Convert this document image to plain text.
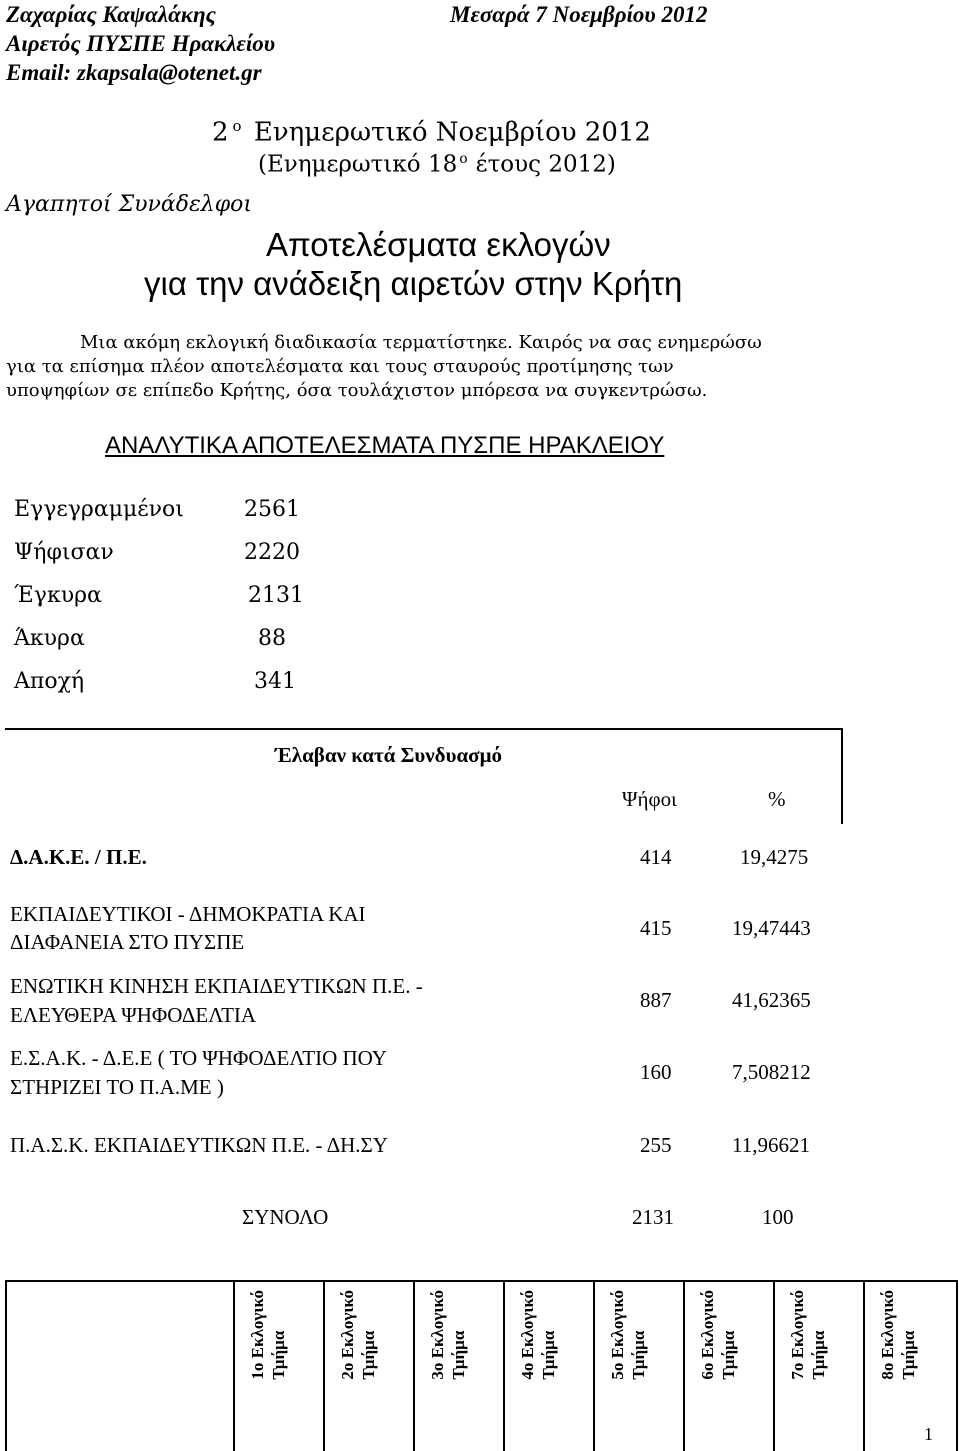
Ζαχαρίας Καψαλάκης	Μεσαρά 7 Νοεμβρίου 2012
Αιρετός ΠΥΣΠΕ Ηρακλείου
Email: zkapsala@otenet.gr
2 $^o$ Ενημερωτικό Νοεμβρίου 2012
(Ενημερωτικό 18 $^o$ έτους 2012)
Αγαπητοί Συνάδελφοι
Αποτελέσματα εκλογών
για την ανάδειξη αιρετών στην Κρήτη
Μια ακόμη εκλογική διαδικασία τερματίστηκε. Καιρός να σας ενημερώσω
για τα επίσημα πλέον αποτελέσματα και τους σταυρούς προτίμησης των
υποψηφίων σε επίπεδο Κρήτης, όσα τουλάχιστον μπόρεσα να συγκεντρώσω.
ΑΝΑΛΥΤΙΚΑ ΑΠΟΤΕΛΕΣΜΑΤΑ ΠΥΣΠΕ ΗΡΑΚΛΕΙΟΥ
Εγγεγραμμένοι	2561
Ψήφισαν	2220
Έγκυρα	2131
Άκυρα	88
Αποχή	341
Έλαβαν κατά Συνδυασμό
Ψήφοι	%
Δ.Α.Κ.Ε. / Π.Ε.	414	19,4275
ΕΚΠΑΙΔΕΥΤΙΚΟΙ - ΔΗΜΟΚΡΑΤΙΑ ΚΑΙ
ΔΙΑΦΑΝΕΙΑ ΣΤΟ ΠΥΣΠΕ
415	19,47443
ΕΝΩΤΙΚΗ ΚΙΝΗΣΗ ΕΚΠΑΙΔΕΥΤΙΚΩΝ Π.Ε. -
ΕΛΕΥΘΕΡΑ ΨΗΦΟΔΕΛΤΙΑ
887	41,62365
Ε.Σ.Α.Κ. - Δ.Ε.Ε ( ΤΟ ΨΗΦΟΔΕΛΤΙΟ ΠΟΥ
ΣΤΗΡΙΖΕΙ ΤΟ Π.Α.ΜΕ )
160	7,508212
Π.Α.Σ.Κ. ΕΚΠΑΙΔΕΥΤΙΚΩΝ Π.Ε. - ΔΗ.ΣΥ	255	11,96621
ΣΥΝΟΛΟ	2131	100
1ο Εκλογικό Τμήμα	2ο Εκλογικό Τμήμα	3ο Εκλογικό Τμήμα	4ο Εκλογικό Τμήμα	5ο Εκλογικό Τμήμα	6ο Εκλογικό Τμήμα	7ο Εκλογικό Τμήμα	8ο Εκλογικό Τμήμα
1
